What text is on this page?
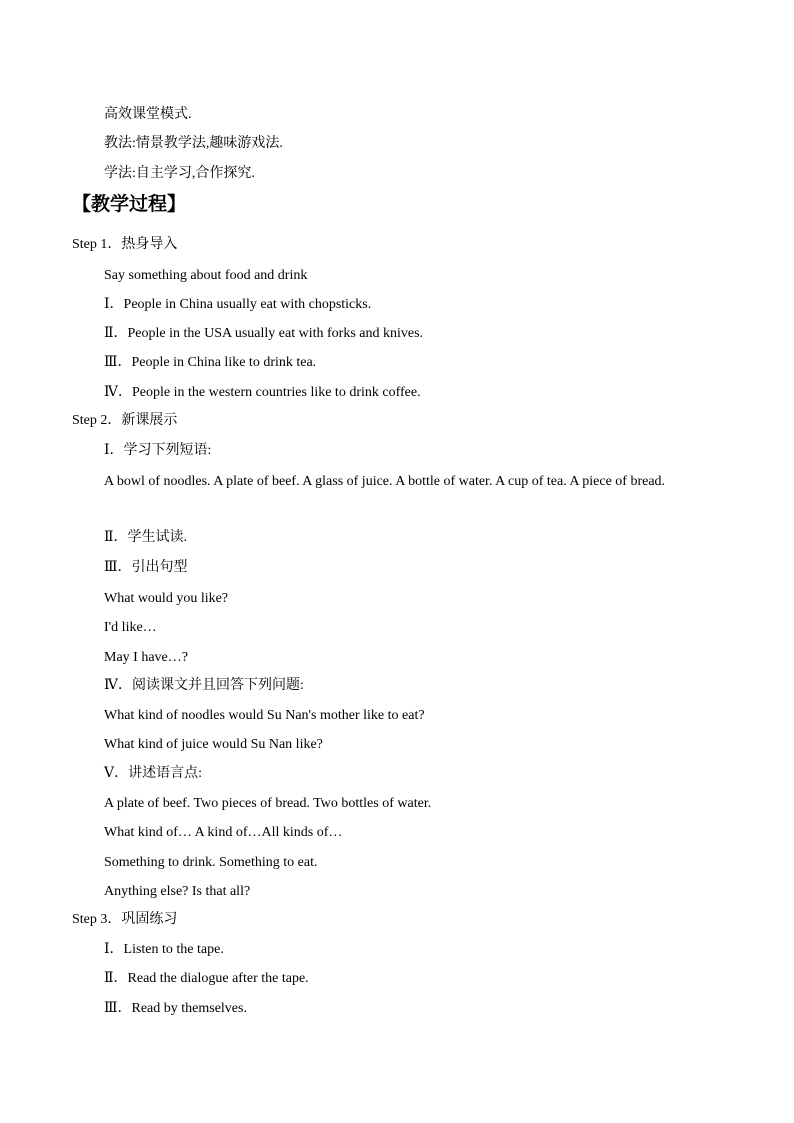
高效课堂模式.
教法:情景教学法,趣味游戏法.
学法:自主学习,合作探究.
【教学过程】
Step 1．热身导入
Say something about food and drink
Ⅰ．People in China usually eat with chopsticks.
Ⅱ．People in the USA usually eat with forks and knives.
Ⅲ．People in China like to drink tea.
Ⅳ．People in the western countries like to drink coffee.
Step 2．新课展示
Ⅰ．学习下列短语:
A bowl of noodles. A plate of beef. A glass of juice. A bottle of water. A cup of tea. A piece of bread.
Ⅱ．学生试读.
Ⅲ．引出句型
What would you like?
I'd like…
May I have…?
Ⅳ．阅读课文并且回答下列问题:
What kind of noodles would Su Nan's mother like to eat?
What kind of juice would Su Nan like?
Ⅴ．讲述语言点:
A plate of beef. Two pieces of bread. Two bottles of water.
What kind of… A kind of…All kinds of…
Something to drink. Something to eat.
Anything else? Is that all?
Step 3．巩固练习
Ⅰ．Listen to the tape.
Ⅱ．Read the dialogue after the tape.
Ⅲ．Read by themselves.
